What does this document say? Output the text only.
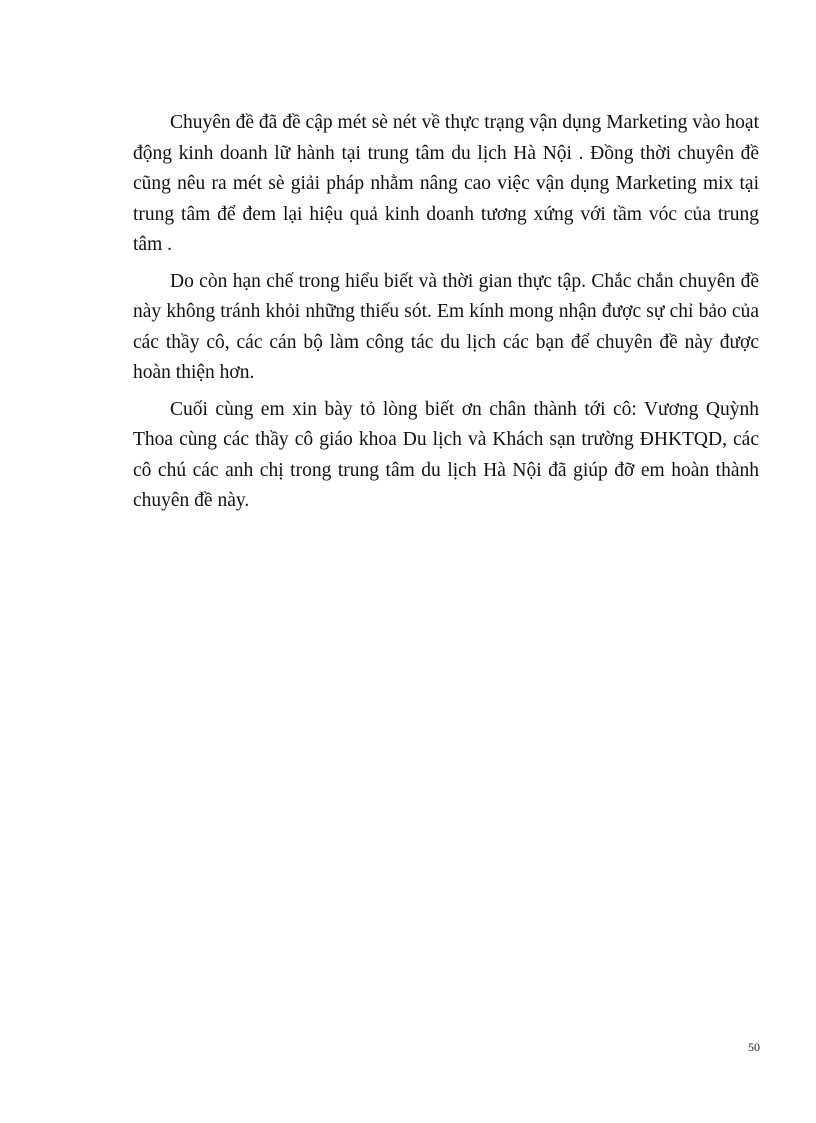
Chuyên đề đã đề cập mét sè nét về thực trạng vận dụng Marketing vào hoạt động kinh doanh lữ hành tại trung tâm du lịch Hà Nội . Đồng thời chuyên đề cũng nêu ra mét sè giải pháp nhằm nâng cao việc vận dụng Marketing mix tại trung tâm để đem lại hiệu quả kinh doanh tương xứng với tầm vóc của trung tâm .

Do còn hạn chế trong hiểu biết và thời gian thực tập. Chắc chắn chuyên đề này không tránh khỏi những thiếu sót. Em kính mong nhận được sự chỉ bảo của các thầy cô, các cán bộ làm công tác du lịch các bạn để chuyên đề này được hoàn thiện hơn.

Cuối cùng em xin bày tỏ lòng biết ơn chân thành tới cô: Vương Quỳnh Thoa cùng các thầy cô giáo khoa Du lịch và Khách sạn trường ĐHKTQD, các cô chú các anh chị trong trung tâm du lịch Hà Nội đã giúp đỡ em hoàn thành chuyên đề này.

50
